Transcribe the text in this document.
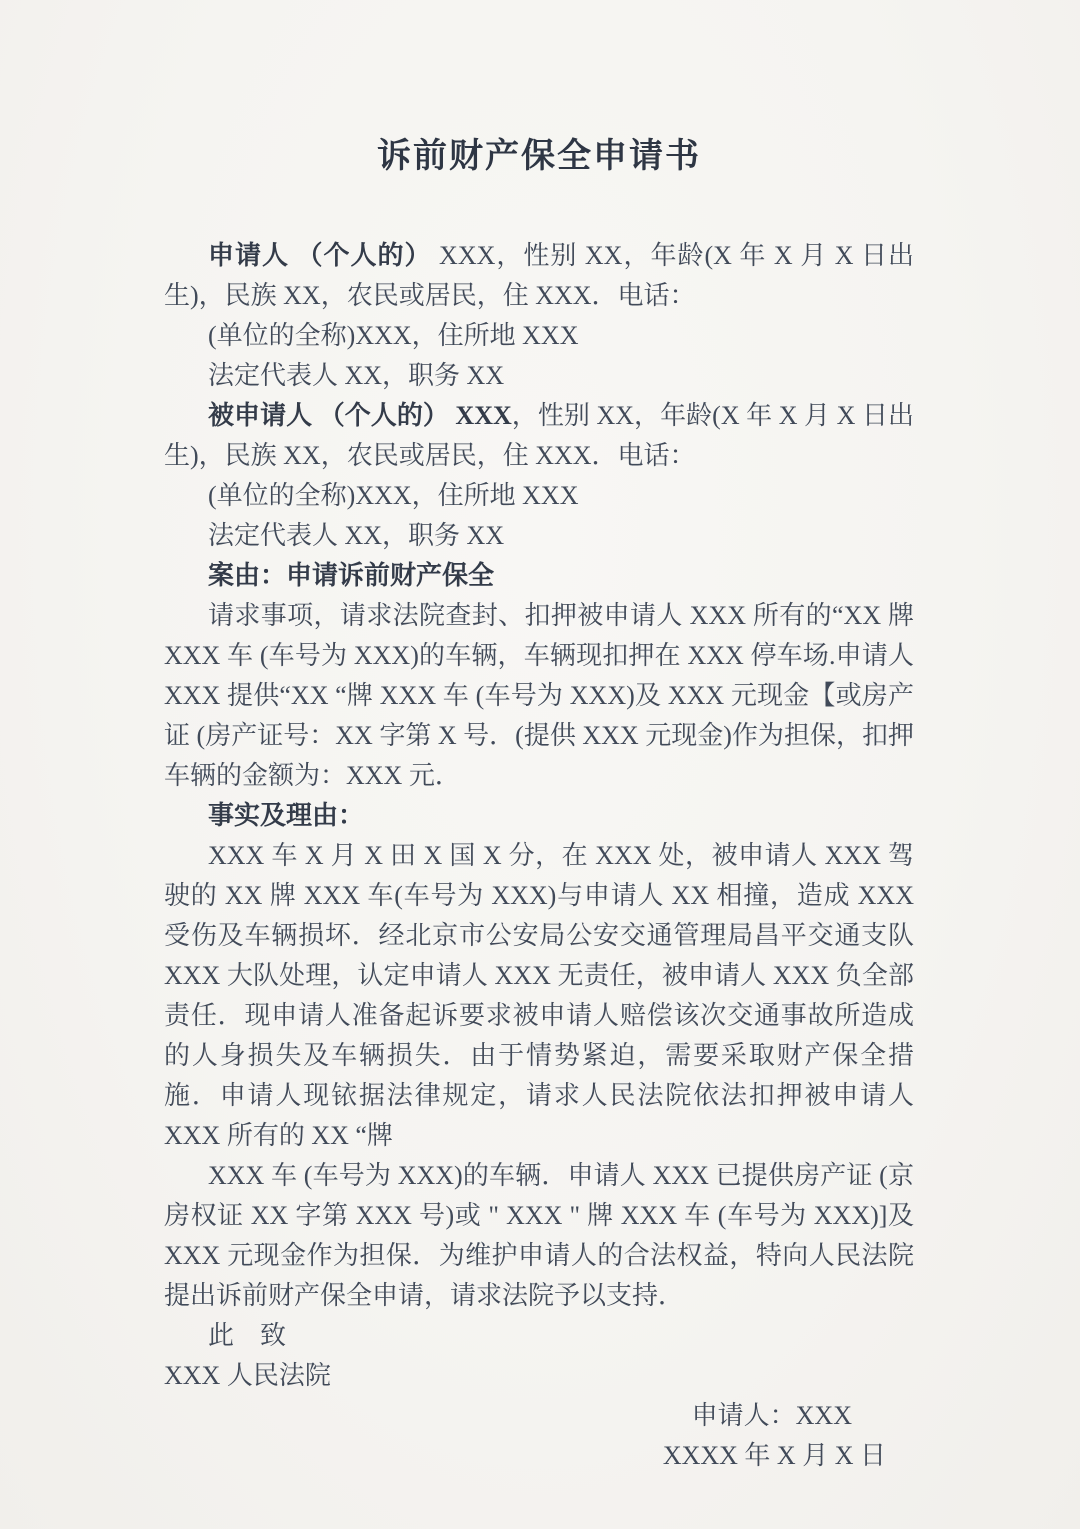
诉前财产保全申请书

申请人 （个人的） XXX，性别 XX，年龄(X 年 X 月 X 日出生)，民族 XX，农民或居民，住 XXX．电话：

(单位的全称)XXX，住所地 XXX

法定代表人 XX，职务 XX

被申请人 （个人的） XXX，性别 XX，年龄(X 年 X 月 X 日出生)，民族 XX，农民或居民，住 XXX．电话：

(单位的全称)XXX，住所地 XXX

法定代表人 XX，职务 XX

案由：申请诉前财产保全

请求事项，请求法院查封、扣押被申请人 XXX 所有的“XX 牌 XXX 车 (车号为 XXX)的车辆，车辆现扣押在 XXX 停车场.申请人 XXX 提供“XX “牌 XXX 车 (车号为 XXX)及 XXX 元现金【或房产证 (房产证号：XX 字第 X 号．(提供 XXX 元现金)作为担保，扣押车辆的金额为：XXX 元．

事实及理由：

XXX 车 X 月 X 田 X 国 X 分，在 XXX 处，被申请人 XXX 驾驶的 XX 牌 XXX 车(车号为 XXX)与申请人 XX 相撞，造成 XXX 受伤及车辆损坏．经北京市公安局公安交通管理局昌平交通支队 XXX 大队处理，认定申请人 XXX 无责任，被申请人 XXX 负全部责任．现申请人准备起诉要求被申请人赔偿该次交通事故所造成的人身损失及车辆损失．由于情势紧迫，需要采取财产保全措施．申请人现铱据法律规定，请求人民法院依法扣押被申请人 XXX 所有的 XX “牌

XXX 车 (车号为 XXX)的车辆．申请人 XXX 已提供房产证 (京房权证 XX 字第 XXX 号)或 " XXX " 牌 XXX 车 (车号为 XXX)]及 XXX 元现金作为担保．为维护申请人的合法权益，特向人民法院提出诉前财产保全申请，请求法院予以支持．

此　致

XXX 人民法院

申请人：XXX

XXXX 年 X 月 X 日
